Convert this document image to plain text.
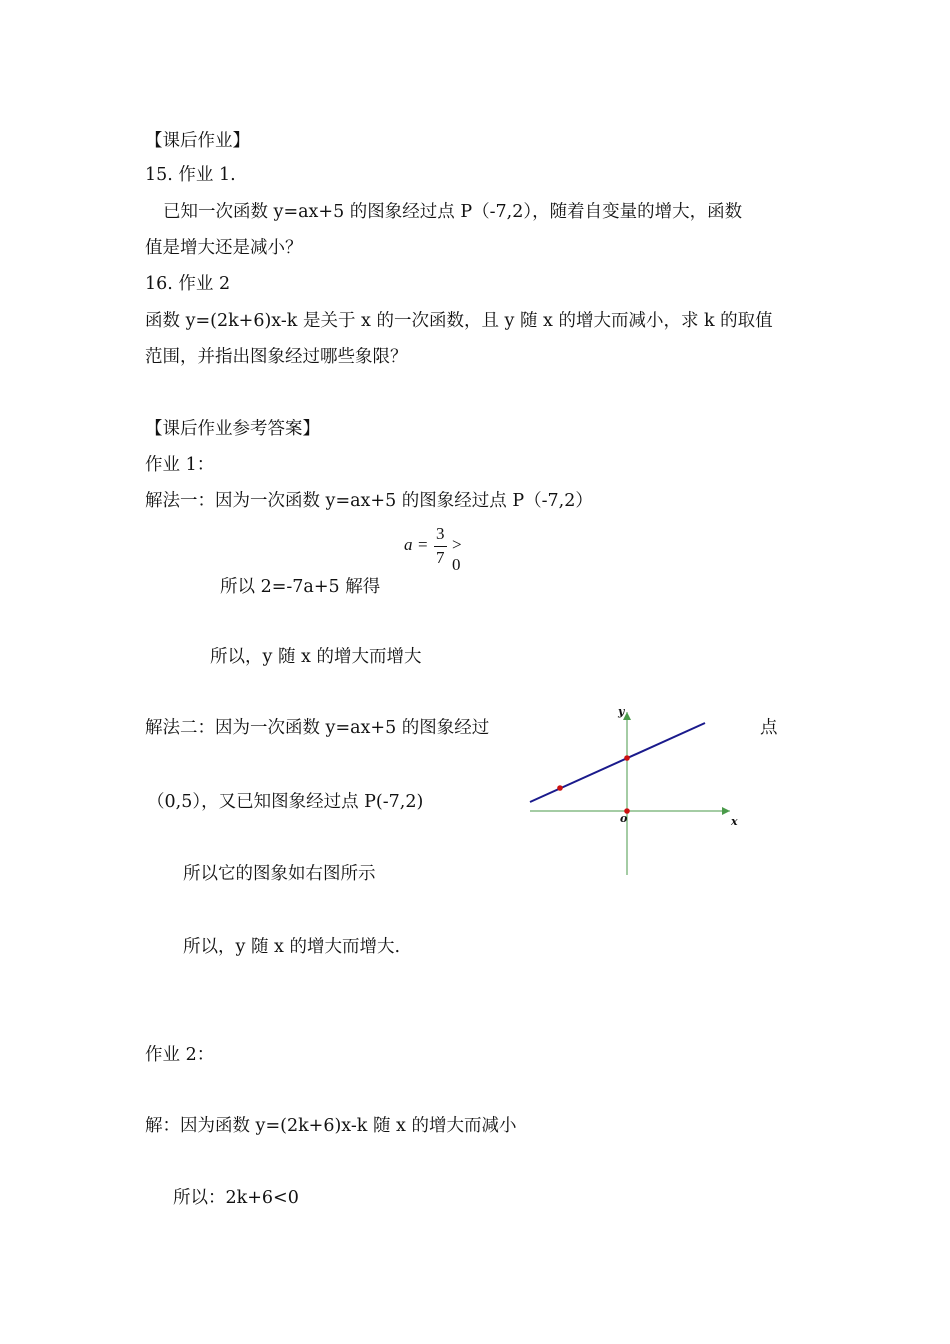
【课后作业】
15. 作业 1.
已知一次函数 y=ax+5 的图象经过点 P（-7,2），随着自变量的增大，函数
值是增大还是减小？
16. 作业 2
函数 y=(2k+6)x-k 是关于 x 的一次函数，且 y 随 x 的增大而减小，求 k 的取值
范围，并指出图象经过哪些象限？
【课后作业参考答案】
作业 1：
解法一：因为一次函数 y=ax+5 的图象经过点 P（-7,2）
a =
3
7
> 0
所以 2=-7a+5 解得
所以，y 随 x 的增大而增大
解法二：因为一次函数 y=ax+5 的图象经过	点
（0,5），又已知图象经过点 P(-7,2)
所以它的图象如右图所示
所以，y 随 x 的增大而增大.
y
x
o
作业 2：
解：因为函数 y=(2k+6)x-k 随 x 的增大而减小
所以：2k+6<0
